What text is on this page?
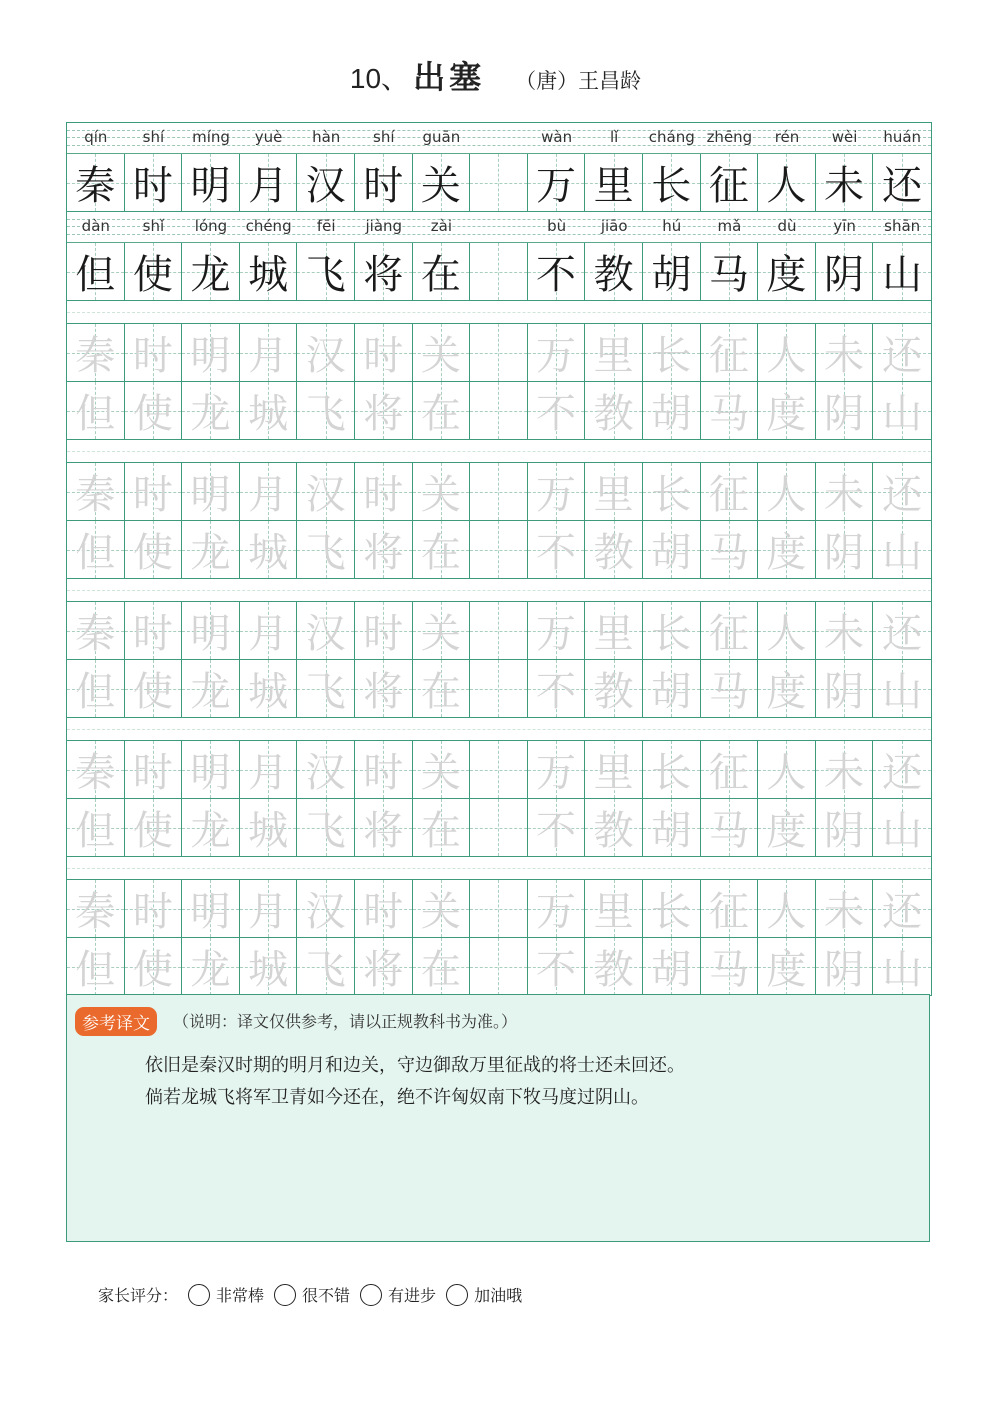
10、 出塞 （唐）王昌龄
qín	shí	míng	yuè	hàn	shí	guān	wàn	lǐ	cháng zhēng	rén	wèi	huán
秦 时 明 月 汉 时 关 万 里 长 征 人 未 还
dàn	shǐ	lóng	chéng	fēi	jiàng	zài	bù	jiāo	hú	mǎ	dù	yīn	shān
但 使 龙 城 飞 将 在 不 教 胡 马 度 阴 山
秦 时 明 月 汉 时 关 万 里 长 征 人 未 还
但 使 龙 城 飞 将 在 不 教 胡 马 度 阴 山
秦 时 明 月 汉 时 关 万 里 长 征 人 未 还
但 使 龙 城 飞 将 在 不 教 胡 马 度 阴 山
秦 时 明 月 汉 时 关 万 里 长 征 人 未 还
但 使 龙 城 飞 将 在 不 教 胡 马 度 阴 山
秦 时 明 月 汉 时 关 万 里 长 征 人 未 还
但 使 龙 城 飞 将 在 不 教 胡 马 度 阴 山
秦 时 明 月 汉 时 关 万 里 长 征 人 未 还
但 使 龙 城 飞 将 在 不 教 胡 马 度 阴 山
参考译文	（说明：译文仅供参考，请以正规教科书为准。）
依旧是秦汉时期的明月和边关，守边御敌万里征战的将士还未回还。
倘若龙城飞将军卫青如今还在，绝不许匈奴南下牧马度过阴山。
家长评分： 非常棒 很不错 有进步 加油哦
